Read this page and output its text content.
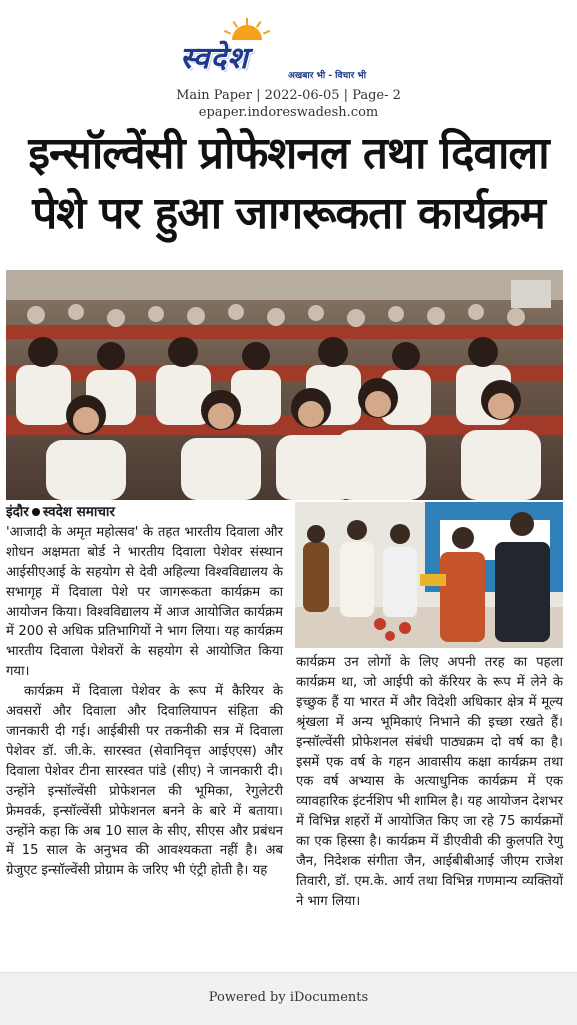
स्वदेश	अखबार भी - विचार भी
Main Paper | 2022-06-05 | Page- 2
epaper.indoreswadesh.com
इन्सॉल्वेंसी प्रोफेशनल तथा दिवाला पेशे पर हुआ जागरूकता कार्यक्रम
इंदौर स्वदेश समाचार

'आजादी के अमृत महोत्सव' के तहत भारतीय दिवाला और शोधन अक्षमता बोर्ड ने भारतीय दिवाला पेशेवर संस्थान आईसीएआई के सहयोग से देवी अहिल्या विश्वविद्यालय के सभागृह में दिवाला पेशे पर जागरूकता कार्यक्रम का आयोजन किया। विश्वविद्यालय में आज आयोजित कार्यक्रम में 200 से अधिक प्रतिभागियों ने भाग लिया। यह कार्यक्रम भारतीय दिवाला पेशेवरों के सहयोग से आयोजित किया गया।

कार्यक्रम में दिवाला पेशेवर के रूप में कैरियर के अवसरों और दिवाला और दिवालियापन संहिता की जानकारी दी गई। आईबीसी पर तकनीकी सत्र में दिवाला पेशेवर डॉ. जी.के. सारस्वत (सेवानिवृत्त आईएएस) और दिवाला पेशेवर टीना सारस्वत पांडे (सीए) ने जानकारी दी। उन्होंने इन्सॉल्वेंसी प्रोफेशनल की भूमिका, रेगुलेटरी फ्रेमवर्क, इन्सॉल्वेंसी प्रोफेशनल बनने के बारे में बताया। उन्होंने कहा कि अब 10 साल के सीए, सीएस और प्रबंधन में 15 साल के अनुभव की आवश्यकता नहीं है। अब ग्रेजुएट इन्सॉल्वेंसी प्रोग्राम के जरिए भी एंट्री होती है। यह

कार्यक्रम उन लोगों के लिए अपनी तरह का पहला कार्यक्रम था, जो आईपी को कॅरियर के रूप में लेने के इच्छुक हैं या भारत में और विदेशी अधिकार क्षेत्र में मूल्य श्रृंखला में अन्य भूमिकाएं निभाने की इच्छा रखते हैं। इन्सॉल्वेंसी प्रोफेशनल संबंधी पाठ्यक्रम दो वर्ष का है। इसमें एक वर्ष के गहन आवासीय कक्षा कार्यक्रम तथा एक वर्ष अभ्यास के अत्याधुनिक कार्यक्रम में एक व्यावहारिक इंटर्नशिप भी शामिल है। यह आयोजन देशभर में विभिन्न शहरों में आयोजित किए जा रहे 75 कार्यक्रमों का एक हिस्सा है। कार्यक्रम में डीएवीवी की कुलपति रेणु जैन, निदेशक संगीता जैन, आईबीबीआई जीएम राजेश तिवारी, डॉ. एम.के. आर्य तथा विभिन्न गणमान्य व्यक्तियों ने भाग लिया।

Powered by iDocuments
